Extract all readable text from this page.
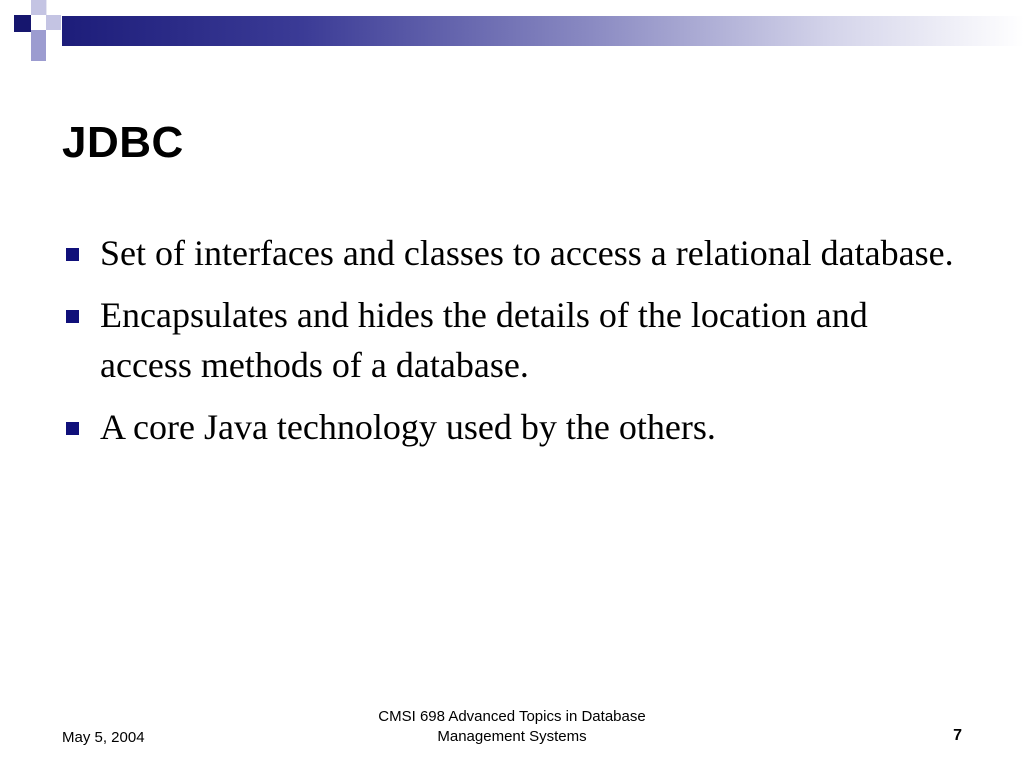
JDBC
Set of interfaces and classes to access a relational database.
Encapsulates and hides the details of the location and access methods of a database.
A core Java technology used by the others.
May 5, 2004
CMSI 698 Advanced Topics in Database
Management Systems	7
